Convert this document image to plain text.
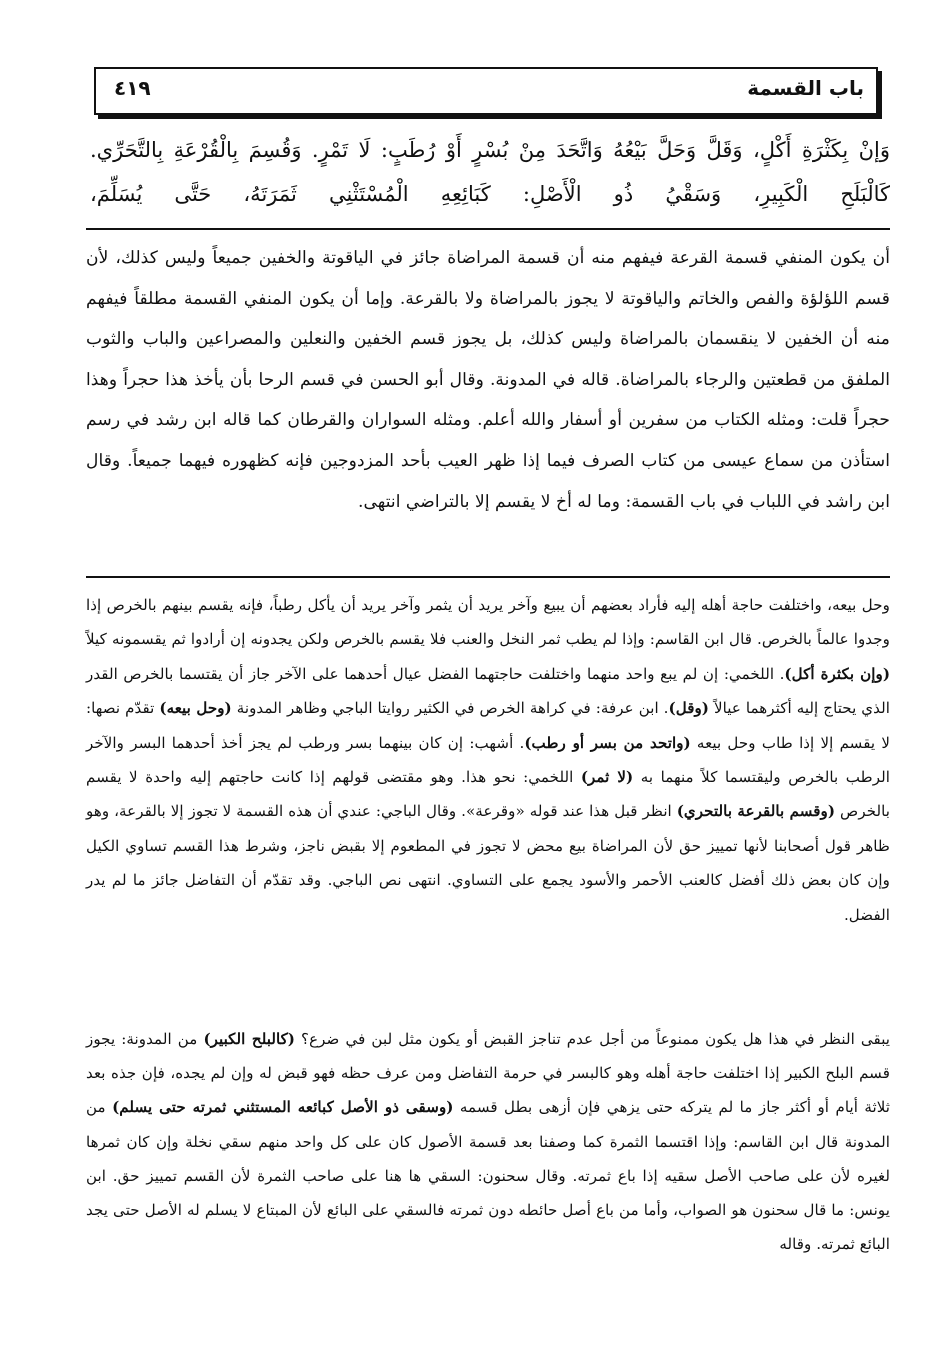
باب القسمة
٤١٩

وَإنْ بِكَثْرَةِ أَكْلٍ، وَقَلَّ وَحَلَّ بَيْعُهُ وَاتَّحَدَ مِنْ بُسْرٍ أَوْ رُطَبٍ: لَا تَمْرٍ. وَقُسِمَ بِالْقُرْعَةِ بِالتَّحَرِّي.

كَالْبَلَحِ الْكَبِيرِ، وَسَقْيُ ذُو الْأَصْلِ: كَبَائِعِهِ الْمُسْتَثْنِي ثَمَرَتَهُ، حَتَّى يُسَلِّمَ،

أن يكون المنفي قسمة القرعة فيفهم منه أن قسمة المراضاة جائز في الياقوتة والخفين جميعاً وليس كذلك، لأن قسم اللؤلؤة والفص والخاتم والياقوتة لا يجوز بالمراضاة ولا بالقرعة. وإما أن يكون المنفي القسمة مطلقاً فيفهم منه أن الخفين لا ينقسمان بالمراضاة وليس كذلك، بل يجوز قسم الخفين والنعلين والمصراعين والباب والثوب الملفق من قطعتين والرجاء بالمراضاة. قاله في المدونة. وقال أبو الحسن في قسم الرحا بأن يأخذ هذا حجراً وهذا حجراً قلت: ومثله الكتاب من سفرين أو أسفار والله أعلم. ومثله السواران والقرطان كما قاله ابن رشد في رسم استأذن من سماع عيسى من كتاب الصرف فيما إذا ظهر العيب بأحد المزدوجين فإنه كظهوره فيهما جميعاً. وقال ابن راشد في اللباب في باب القسمة: وما له أخ لا يقسم إلا بالتراضي انتهى.

وحل بيعه، واختلفت حاجة أهله إليه فأراد بعضهم أن يبيع وآخر يريد أن يثمر وآخر يريد أن يأكل رطباً، فإنه يقسم بينهم بالخرص إذا وجدوا عالماً بالخرص. قال ابن القاسم: وإذا لم يطب ثمر النخل والعنب فلا يقسم بالخرص ولكن يجدونه إن أرادوا ثم يقسمونه كيلاً (وإن بكثرة أكل). اللخمي: إن لم يبع واحد منهما واختلفت حاجتهما الفضل عيال أحدهما على الآخر جاز أن يقتسما بالخرص القدر الذي يحتاج إليه أكثرهما عيالاً (وقل). ابن عرفة: في كراهة الخرص في الكثير روايتا الباجي وظاهر المدونة (وحل بيعه) تقدّم نصها: لا يقسم إلا إذا طاب وحل بيعه (واتحد من بسر أو رطب). أشهب: إن كان بينهما بسر ورطب لم يجز أخذ أحدهما البسر والآخر الرطب بالخرص وليقتسما كلاً منهما به (لا ثمر) اللخمي: نحو هذا. وهو مقتضى قولهم إذا كانت حاجتهم إليه واحدة لا يقسم بالخرص (وقسم بالقرعة بالتحري) انظر قبل هذا عند قوله «وقرعة». وقال الباجي: عندي أن هذه القسمة لا تجوز إلا بالقرعة، وهو ظاهر قول أصحابنا لأنها تمييز حق لأن المراضاة بيع محض لا تجوز في المطعوم إلا بقبض ناجز، وشرط هذا القسم تساوي الكيل وإن كان بعض ذلك أفضل كالعنب الأحمر والأسود يجمع على التساوي. انتهى نص الباجي. وقد تقدّم أن التفاضل جائز ما لم يدر الفضل.

يبقى النظر في هذا هل يكون ممنوعاً من أجل عدم تناجز القبض أو يكون مثل لبن في ضرع؟ (كالبلح الكبير) من المدونة: يجوز قسم البلح الكبير إذا اختلفت حاجة أهله وهو كالبسر في حرمة التفاضل ومن عرف حظه فهو قبض له وإن لم يجده، فإن جذه بعد ثلاثة أيام أو أكثر جاز ما لم يتركه حتى يزهي فإن أزهى بطل قسمه (وسقى ذو الأصل كبائعه المستثني ثمرته حتى يسلم) من المدونة قال ابن القاسم: وإذا اقتسما الثمرة كما وصفنا بعد قسمة الأصول كان على كل واحد منهم سقي نخلة وإن كان ثمرها لغيره لأن على صاحب الأصل سقيه إذا باع ثمرته. وقال سحنون: السقي ها هنا على صاحب الثمرة لأن القسم تمييز حق. ابن يونس: ما قال سحنون هو الصواب، وأما من باع أصل حائطه دون ثمرته فالسقي على البائع لأن المبتاع لا يسلم له الأصل حتى يجد البائع ثمرته. وقاله
